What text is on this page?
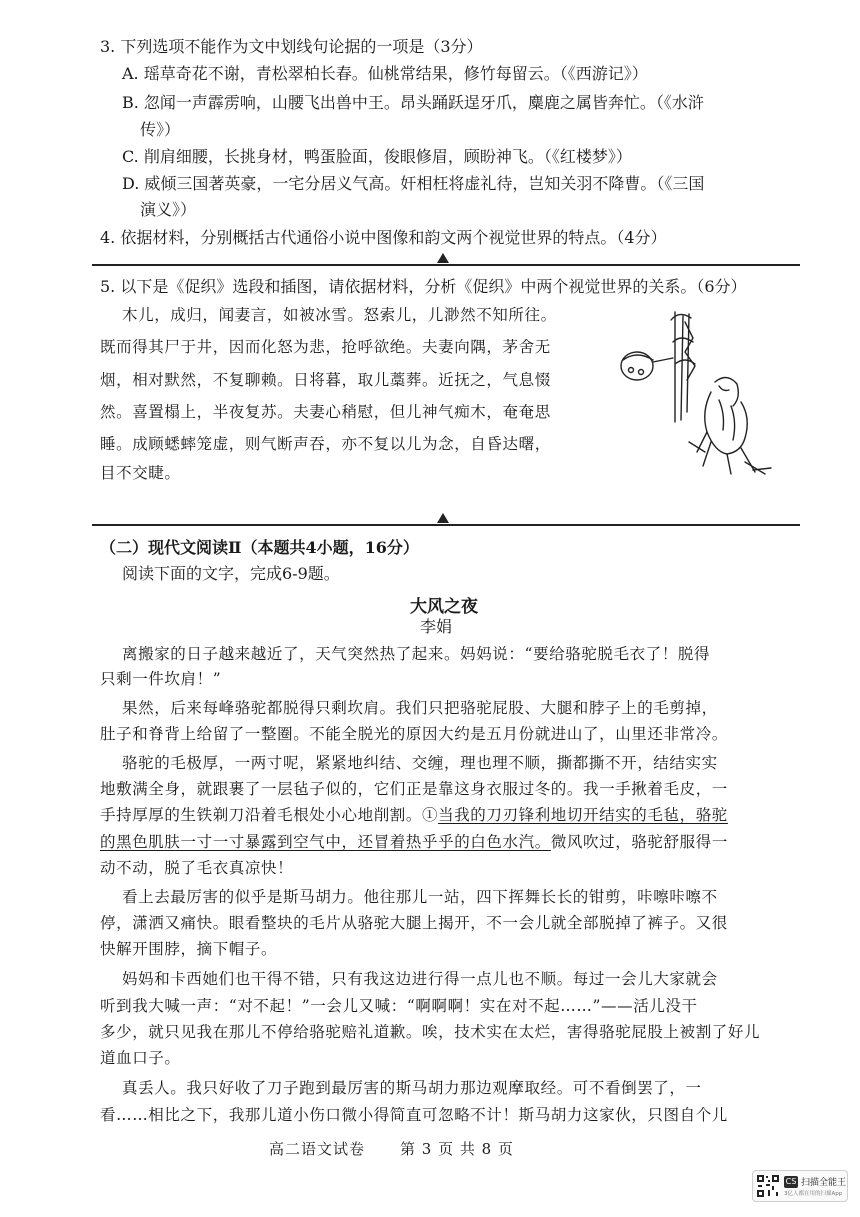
3. 下列选项不能作为文中划线句论据的一项是（3分）
A. 瑶草奇花不谢，青松翠柏长春。仙桃常结果，修竹每留云。（《西游记》）
B. 忽闻一声霹雳响，山腰飞出兽中王。昂头踊跃逞牙爪，麋鹿之属皆奔忙。（《水浒
传》）
C. 削肩细腰，长挑身材，鸭蛋脸面，俊眼修眉，顾盼神飞。（《红楼梦》）
D. 威倾三国著英豪，一宅分居义气高。奸相枉将虚礼待，岂知关羽不降曹。（《三国
演义》）
4. 依据材料，分别概括古代通俗小说中图像和韵文两个视觉世界的特点。（4分）
5. 以下是《促织》选段和插图，请依据材料，分析《促织》中两个视觉世界的关系。（6分）
木儿，成归，闻妻言，如被冰雪。怒索儿，儿渺然不知所往。
既而得其尸于井，因而化怒为悲，抢呼欲绝。夫妻向隅，茅舍无
烟，相对默然，不复聊赖。日将暮，取儿藁葬。近抚之，气息惙
然。喜置榻上，半夜复苏。夫妻心稍慰，但儿神气痴木，奄奄思
睡。成顾蟋蟀笼虚，则气断声吞，亦不复以儿为念，自昏达曙，
目不交睫。
（二）现代文阅读Ⅱ（本题共4小题，16分）
阅读下面的文字，完成6-9题。
大风之夜
李娟
离搬家的日子越来越近了，天气突然热了起来。妈妈说：“要给骆驼脱毛衣了！脱得
只剩一件坎肩！”
果然，后来每峰骆驼都脱得只剩坎肩。我们只把骆驼屁股、大腿和脖子上的毛剪掉，
肚子和脊背上给留了一整圈。不能全脱光的原因大约是五月份就进山了，山里还非常冷。
骆驼的毛极厚，一两寸呢，紧紧地纠结、交缠，理也理不顺，撕都撕不开，结结实实
地敷满全身，就跟裹了一层毡子似的，它们正是靠这身衣服过冬的。我一手揪着毛皮，一
手持厚厚的生铁剃刀沿着毛根处小心地削割。①当我的刀刃锋利地切开结实的毛毡，骆驼
的黑色肌肤一寸一寸暴露到空气中，还冒着热乎乎的白色水汽。微风吹过，骆驼舒服得一
动不动，脱了毛衣真凉快！
看上去最厉害的似乎是斯马胡力。他往那儿一站，四下挥舞长长的钳剪，咔嚓咔嚓不
停，潇洒又痛快。眼看整块的毛片从骆驼大腿上揭开，不一会儿就全部脱掉了裤子。又很
快解开围脖，摘下帽子。
妈妈和卡西她们也干得不错，只有我这边进行得一点儿也不顺。每过一会儿大家就会
听到我大喊一声：“对不起！”一会儿又喊：“啊啊啊！实在对不起……”——活儿没干
多少，就只见我在那儿不停给骆驼赔礼道歉。唉，技术实在太烂，害得骆驼屁股上被割了好儿
道血口子。
真丢人。我只好收了刀子跑到最厉害的斯马胡力那边观摩取经。可不看倒罢了，一
看……相比之下，我那儿道小伤口微小得简直可忽略不计！斯马胡力这家伙，只图自个儿
高二语文试卷 第 3 页 共 8 页
CS 扫描全能王
3亿人都在用的扫描App
